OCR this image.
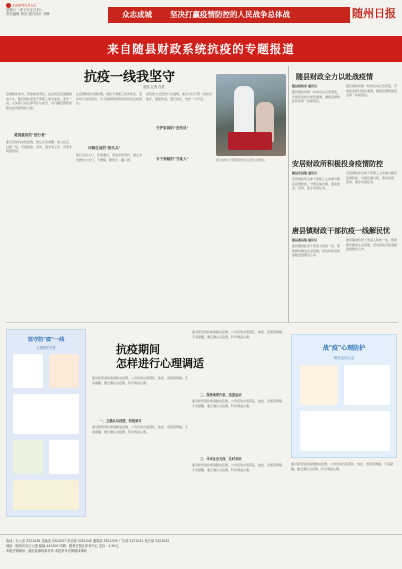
2020年2月1日
星期六 · 庚子年正月初八
责任编辑 何庆 版式设计 刘辉	众志成城	坚决打赢疫情防控的人民战争总体战	随州日报
来自随县财政系统抗疫的专题报道
抗疫一线我坚守
随县 记者 作者
疫情就是命令，防控就是责任。在这场没有硝烟的战斗中，随县财政系统干部职工闻令而动、坚守一线，以实际行动诠释责任与担当，为打赢疫情防控阻击战贡献财政力量。
勇挑重担的"逆行者"
面对突如其来的疫情，他们主动请缨，深入社区、村组一线，开展排查、宣传、值守等工作，用坚守筑起防线。
在疫情防控关键时期，财政干部职工放弃休息，坚持每天到岗到位，全力保障防控物资和资金及时到位。
冲锋在前的"排头兵"
他们走村入户，张贴通告、发放宣传资料，耐心劝导群众少出门、不聚集、勤洗手、戴口罩。
深夜的卡点依然灯火通明，他们与村干部一起轮班值守，测量体温，登记信息，守护一方平安。
守护家园的"宣传员"
甘于奉献的"守夜人"	图为财政干部帮助群众运送生活物资。
随县财政全力以赴战疫情
随县财政局 通讯员
随县财政局第一时间启动应急预案，开辟资金拨付绿色通道，确保疫情防控资金第一时间到位。
随县财政局第一时间启动应急预案，开辟资金拨付绿色通道，确保疫情防控资金第一时间到位。
安居财政所积极投身疫情防控
随县安居镇 通讯员
安居财政所全体干部职工主动参与辖区疫情防控，分组包保村组，落实排查、宣传、值守各项任务。
安居财政所全体干部职工主动参与辖区疫情防控，分组包保村组，落实排查、宣传、值守各项任务。
唐县镇财政干部抗疫一线解民忧
随县唐县镇 通讯员
唐县镇财政所干部深入防控一线，帮助群众解决生活困难，把党和政府的温暖送到群众心中。
唐县镇财政所干部深入防控一线，帮助群众解决生活困难，把党和政府的温暖送到群众心中。
坚守防"疫"一线
心理防护手册	抗疫期间
怎样进行心理调适
面对新型冠状病毒肺炎疫情，公众容易出现紧张、焦虑、恐慌等情绪。专家提醒，要正确认识疫情，科学调适心理。
一、正确认识疫情，积极面对
面对新型冠状病毒肺炎疫情，公众容易出现紧张、焦虑、恐慌等情绪。专家提醒，要正确认识疫情，科学调适心理。
面对新型冠状病毒肺炎疫情，公众容易出现紧张、焦虑、恐慌等情绪。专家提醒，要正确认识疫情，科学调适心理。
二、保持规律作息，适度运动
面对新型冠状病毒肺炎疫情，公众容易出现紧张、焦虑、恐慌等情绪。专家提醒，要正确认识疫情，科学调适心理。
三、寻求社会支持，及时求助
面对新型冠状病毒肺炎疫情，公众容易出现紧张、焦虑、恐慌等情绪。专家提醒，要正确认识疫情，科学调适心理。
战"疫"心理防护
保持良好心态
面对新型冠状病毒肺炎疫情，公众容易出现紧张、焦虑、恐慌等情绪。专家提醒，要正确认识疫情，科学调适心理。
电话：办公室 3321036 总编室 3321037 采访部 3321040 通联部 3321039 广告部 3321041 发行部 3321042
地址：随州市沿江大道 邮编 441300 印刷：随州日报社印务中心 定价：1.50元
本报法律顾问：湖北某律师事务所 本报常年法律顾问律师
